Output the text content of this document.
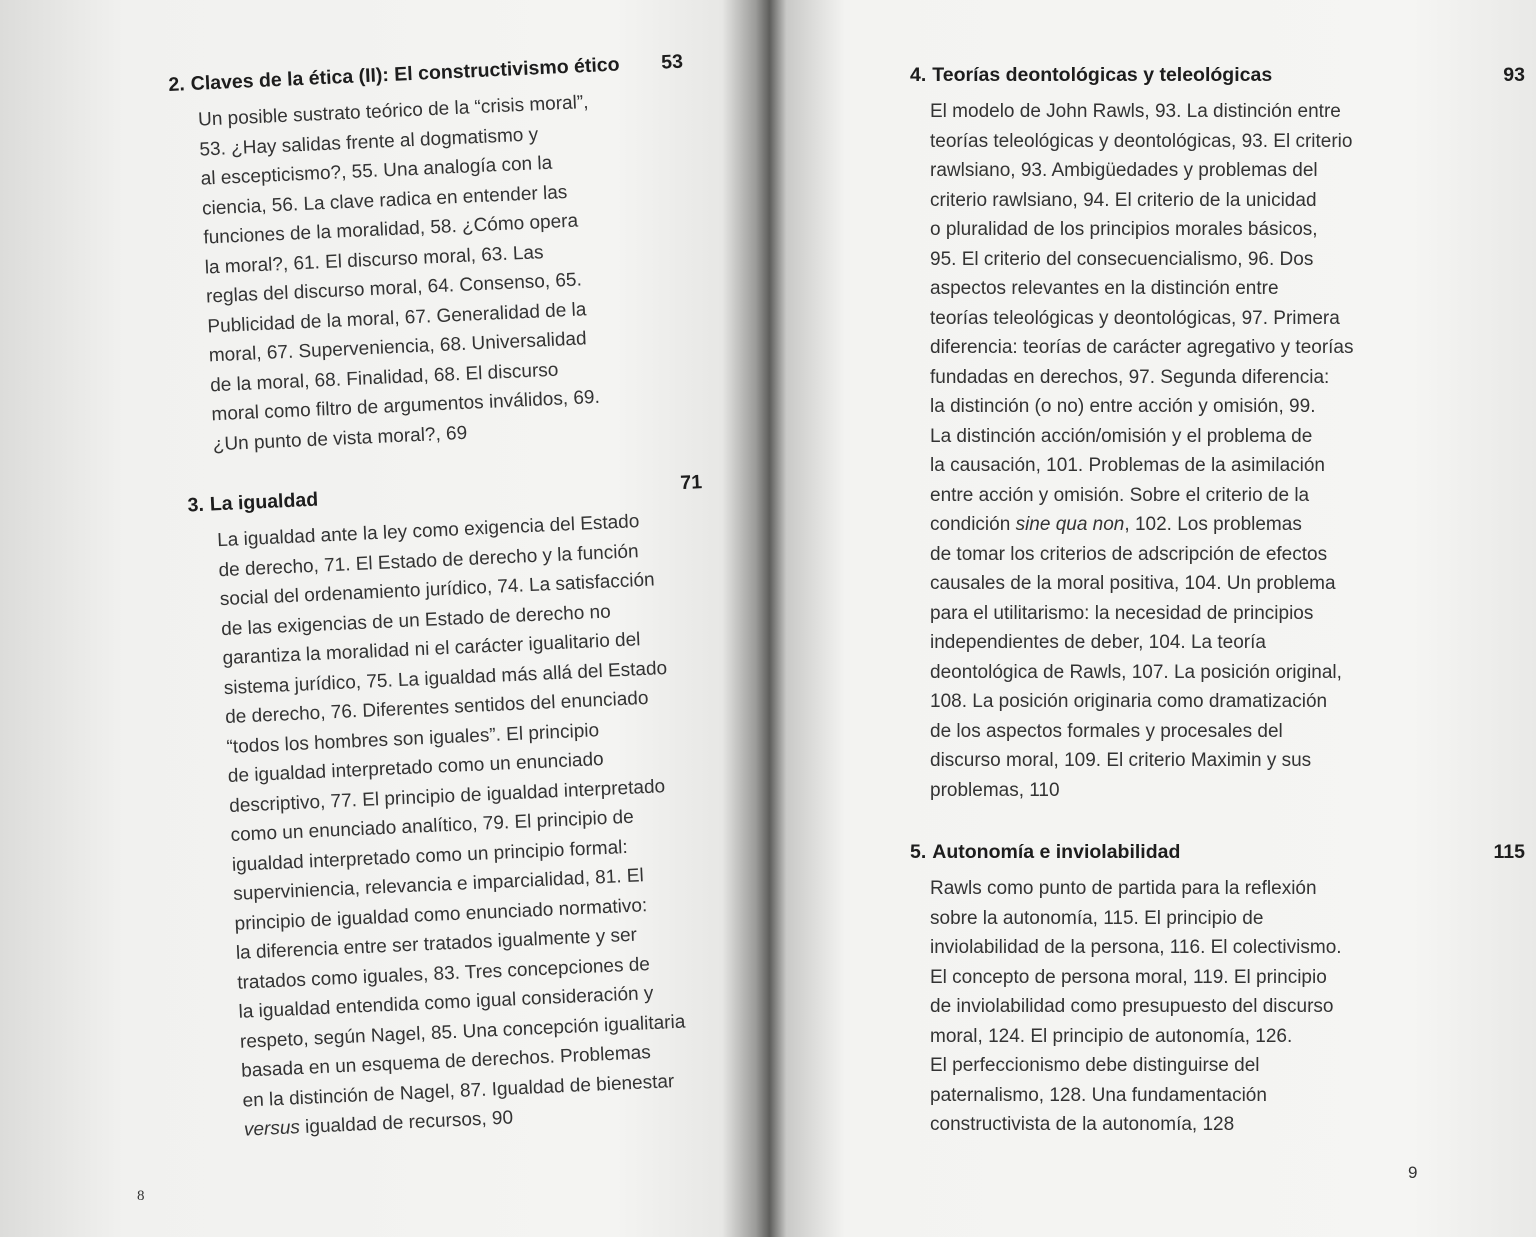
2. Claves de la ética (II): El constructivismo ético 53
Un posible sustrato teórico de la “crisis moral”,
53. ¿Hay salidas frente al dogmatismo y
al escepticismo?, 55. Una analogía con la
ciencia, 56. La clave radica en entender las
funciones de la moralidad, 58. ¿Cómo opera
la moral?, 61. El discurso moral, 63. Las
reglas del discurso moral, 64. Consenso, 65.
Publicidad de la moral, 67. Generalidad de la
moral, 67. Superveniencia, 68. Universalidad
de la moral, 68. Finalidad, 68. El discurso
moral como filtro de argumentos inválidos, 69.
¿Un punto de vista moral?, 69
3. La igualdad
71
La igualdad ante la ley como exigencia del Estado
de derecho, 71. El Estado de derecho y la función
social del ordenamiento jurídico, 74. La satisfacción
de las exigencias de un Estado de derecho no
garantiza la moralidad ni el carácter igualitario del
sistema jurídico, 75. La igualdad más allá del Estado
de derecho, 76. Diferentes sentidos del enunciado
“todos los hombres son iguales”. El principio
de igualdad interpretado como un enunciado
descriptivo, 77. El principio de igualdad interpretado
como un enunciado analítico, 79. El principio de
igualdad interpretado como un principio formal:
superviniencia, relevancia e imparcialidad, 81. El
principio de igualdad como enunciado normativo:
la diferencia entre ser tratados igualmente y ser
tratados como iguales, 83. Tres concepciones de
la igualdad entendida como igual consideración y
respeto, según Nagel, 85. Una concepción igualitaria
basada en un esquema de derechos. Problemas
en la distinción de Nagel, 87. Igualdad de bienestar
versus igualdad de recursos, 90
8
4. Teorías deontológicas y teleológicas	93
El modelo de John Rawls, 93. La distinción entre
teorías teleológicas y deontológicas, 93. El criterio
rawlsiano, 93. Ambigüedades y problemas del
criterio rawlsiano, 94. El criterio de la unicidad
o pluralidad de los principios morales básicos,
95. El criterio del consecuencialismo, 96. Dos
aspectos relevantes en la distinción entre
teorías teleológicas y deontológicas, 97. Primera
diferencia: teorías de carácter agregativo y teorías
fundadas en derechos, 97. Segunda diferencia:
la distinción (o no) entre acción y omisión, 99.
La distinción acción/omisión y el problema de
la causación, 101. Problemas de la asimilación
entre acción y omisión. Sobre el criterio de la
condición sine qua non, 102. Los problemas
de tomar los criterios de adscripción de efectos
causales de la moral positiva, 104. Un problema
para el utilitarismo: la necesidad de principios
independientes de deber, 104. La teoría
deontológica de Rawls, 107. La posición original,
108. La posición originaria como dramatización
de los aspectos formales y procesales del
discurso moral, 109. El criterio Maximin y sus
problemas, 110
5. Autonomía e inviolabilidad	115
Rawls como punto de partida para la reflexión
sobre la autonomía, 115. El principio de
inviolabilidad de la persona, 116. El colectivismo.
El concepto de persona moral, 119. El principio
de inviolabilidad como presupuesto del discurso
moral, 124. El principio de autonomía, 126.
El perfeccionismo debe distinguirse del
paternalismo, 128. Una fundamentación
constructivista de la autonomía, 128
9
